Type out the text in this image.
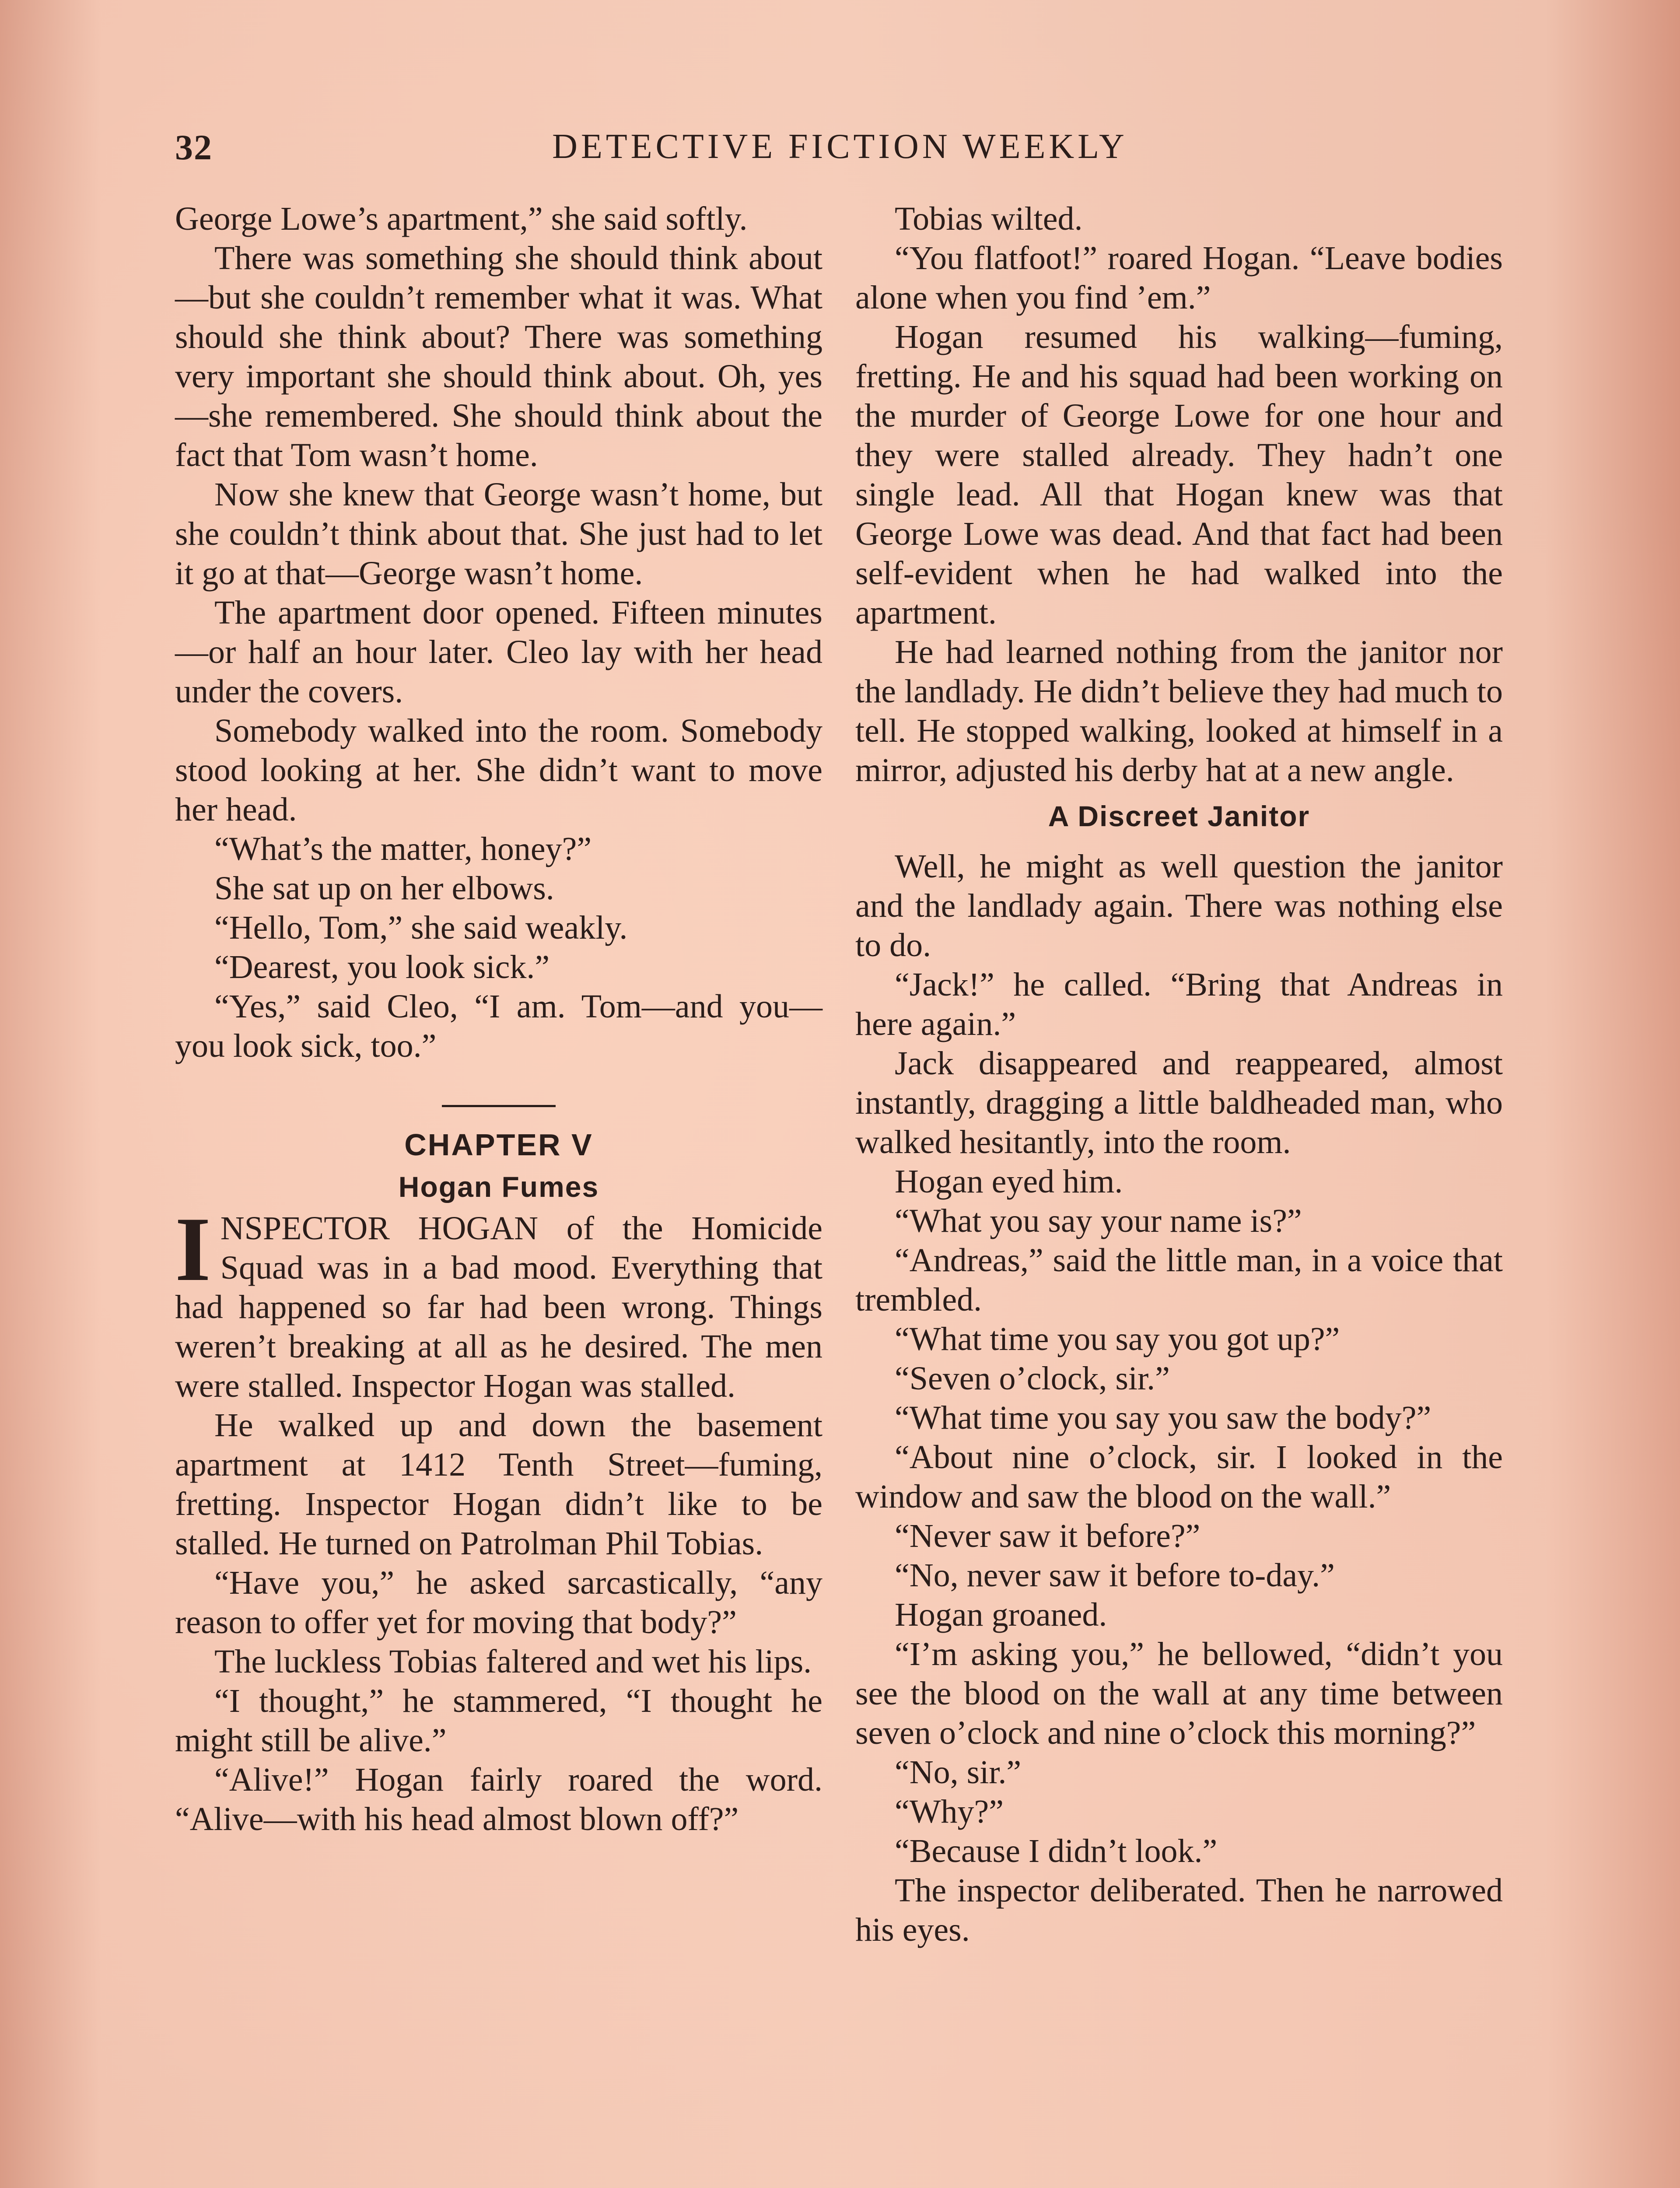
32	DETECTIVE FICTION WEEKLY

George Lowe’s apartment,” she said softly.

There was something she should think about—but she couldn’t remember what it was. What should she think about? There was something very important she should think about. Oh, yes—she remembered. She should think about the fact that Tom wasn’t home.

Now she knew that George wasn’t home, but she couldn’t think about that. She just had to let it go at that—George wasn’t home.

The apartment door opened. Fifteen minutes—or half an hour later. Cleo lay with her head under the covers.

Somebody walked into the room. Somebody stood looking at her. She didn’t want to move her head.

“What’s the matter, honey?”

She sat up on her elbows.

“Hello, Tom,” she said weakly.

“Dearest, you look sick.”

“Yes,” said Cleo, “I am. Tom—and you—you look sick, too.”

CHAPTER V
Hogan Fumes

INSPECTOR HOGAN of the Homicide Squad was in a bad mood. Everything that had happened so far had been wrong. Things weren’t breaking at all as he desired. The men were stalled. Inspector Hogan was stalled.

He walked up and down the basement apartment at 1412 Tenth Street—fuming, fretting. Inspector Hogan didn’t like to be stalled. He turned on Patrolman Phil Tobias.

“Have you,” he asked sarcastically, “any reason to offer yet for moving that body?”

The luckless Tobias faltered and wet his lips.

“I thought,” he stammered, “I thought he might still be alive.”

“Alive!” Hogan fairly roared the word. “Alive—with his head almost blown off?”

Tobias wilted.

“You flatfoot!” roared Hogan. “Leave bodies alone when you find ’em.”

Hogan resumed his walking—fuming, fretting. He and his squad had been working on the murder of George Lowe for one hour and they were stalled already. They hadn’t one single lead. All that Hogan knew was that George Lowe was dead. And that fact had been self-evident when he had walked into the apartment.

He had learned nothing from the janitor nor the landlady. He didn’t believe they had much to tell. He stopped walking, looked at himself in a mirror, adjusted his derby hat at a new angle.

A Discreet Janitor

Well, he might as well question the janitor and the landlady again. There was nothing else to do.

“Jack!” he called. “Bring that Andreas in here again.”

Jack disappeared and reappeared, almost instantly, dragging a little baldheaded man, who walked hesitantly, into the room.

Hogan eyed him.

“What you say your name is?”

“Andreas,” said the little man, in a voice that trembled.

“What time you say you got up?”

“Seven o’clock, sir.”

“What time you say you saw the body?”

“About nine o’clock, sir. I looked in the window and saw the blood on the wall.”

“Never saw it before?”

“No, never saw it before to-day.”

Hogan groaned.

“I’m asking you,” he bellowed, “didn’t you see the blood on the wall at any time between seven o’clock and nine o’clock this morning?”

“No, sir.”

“Why?”

“Because I didn’t look.”

The inspector deliberated. Then he narrowed his eyes.
